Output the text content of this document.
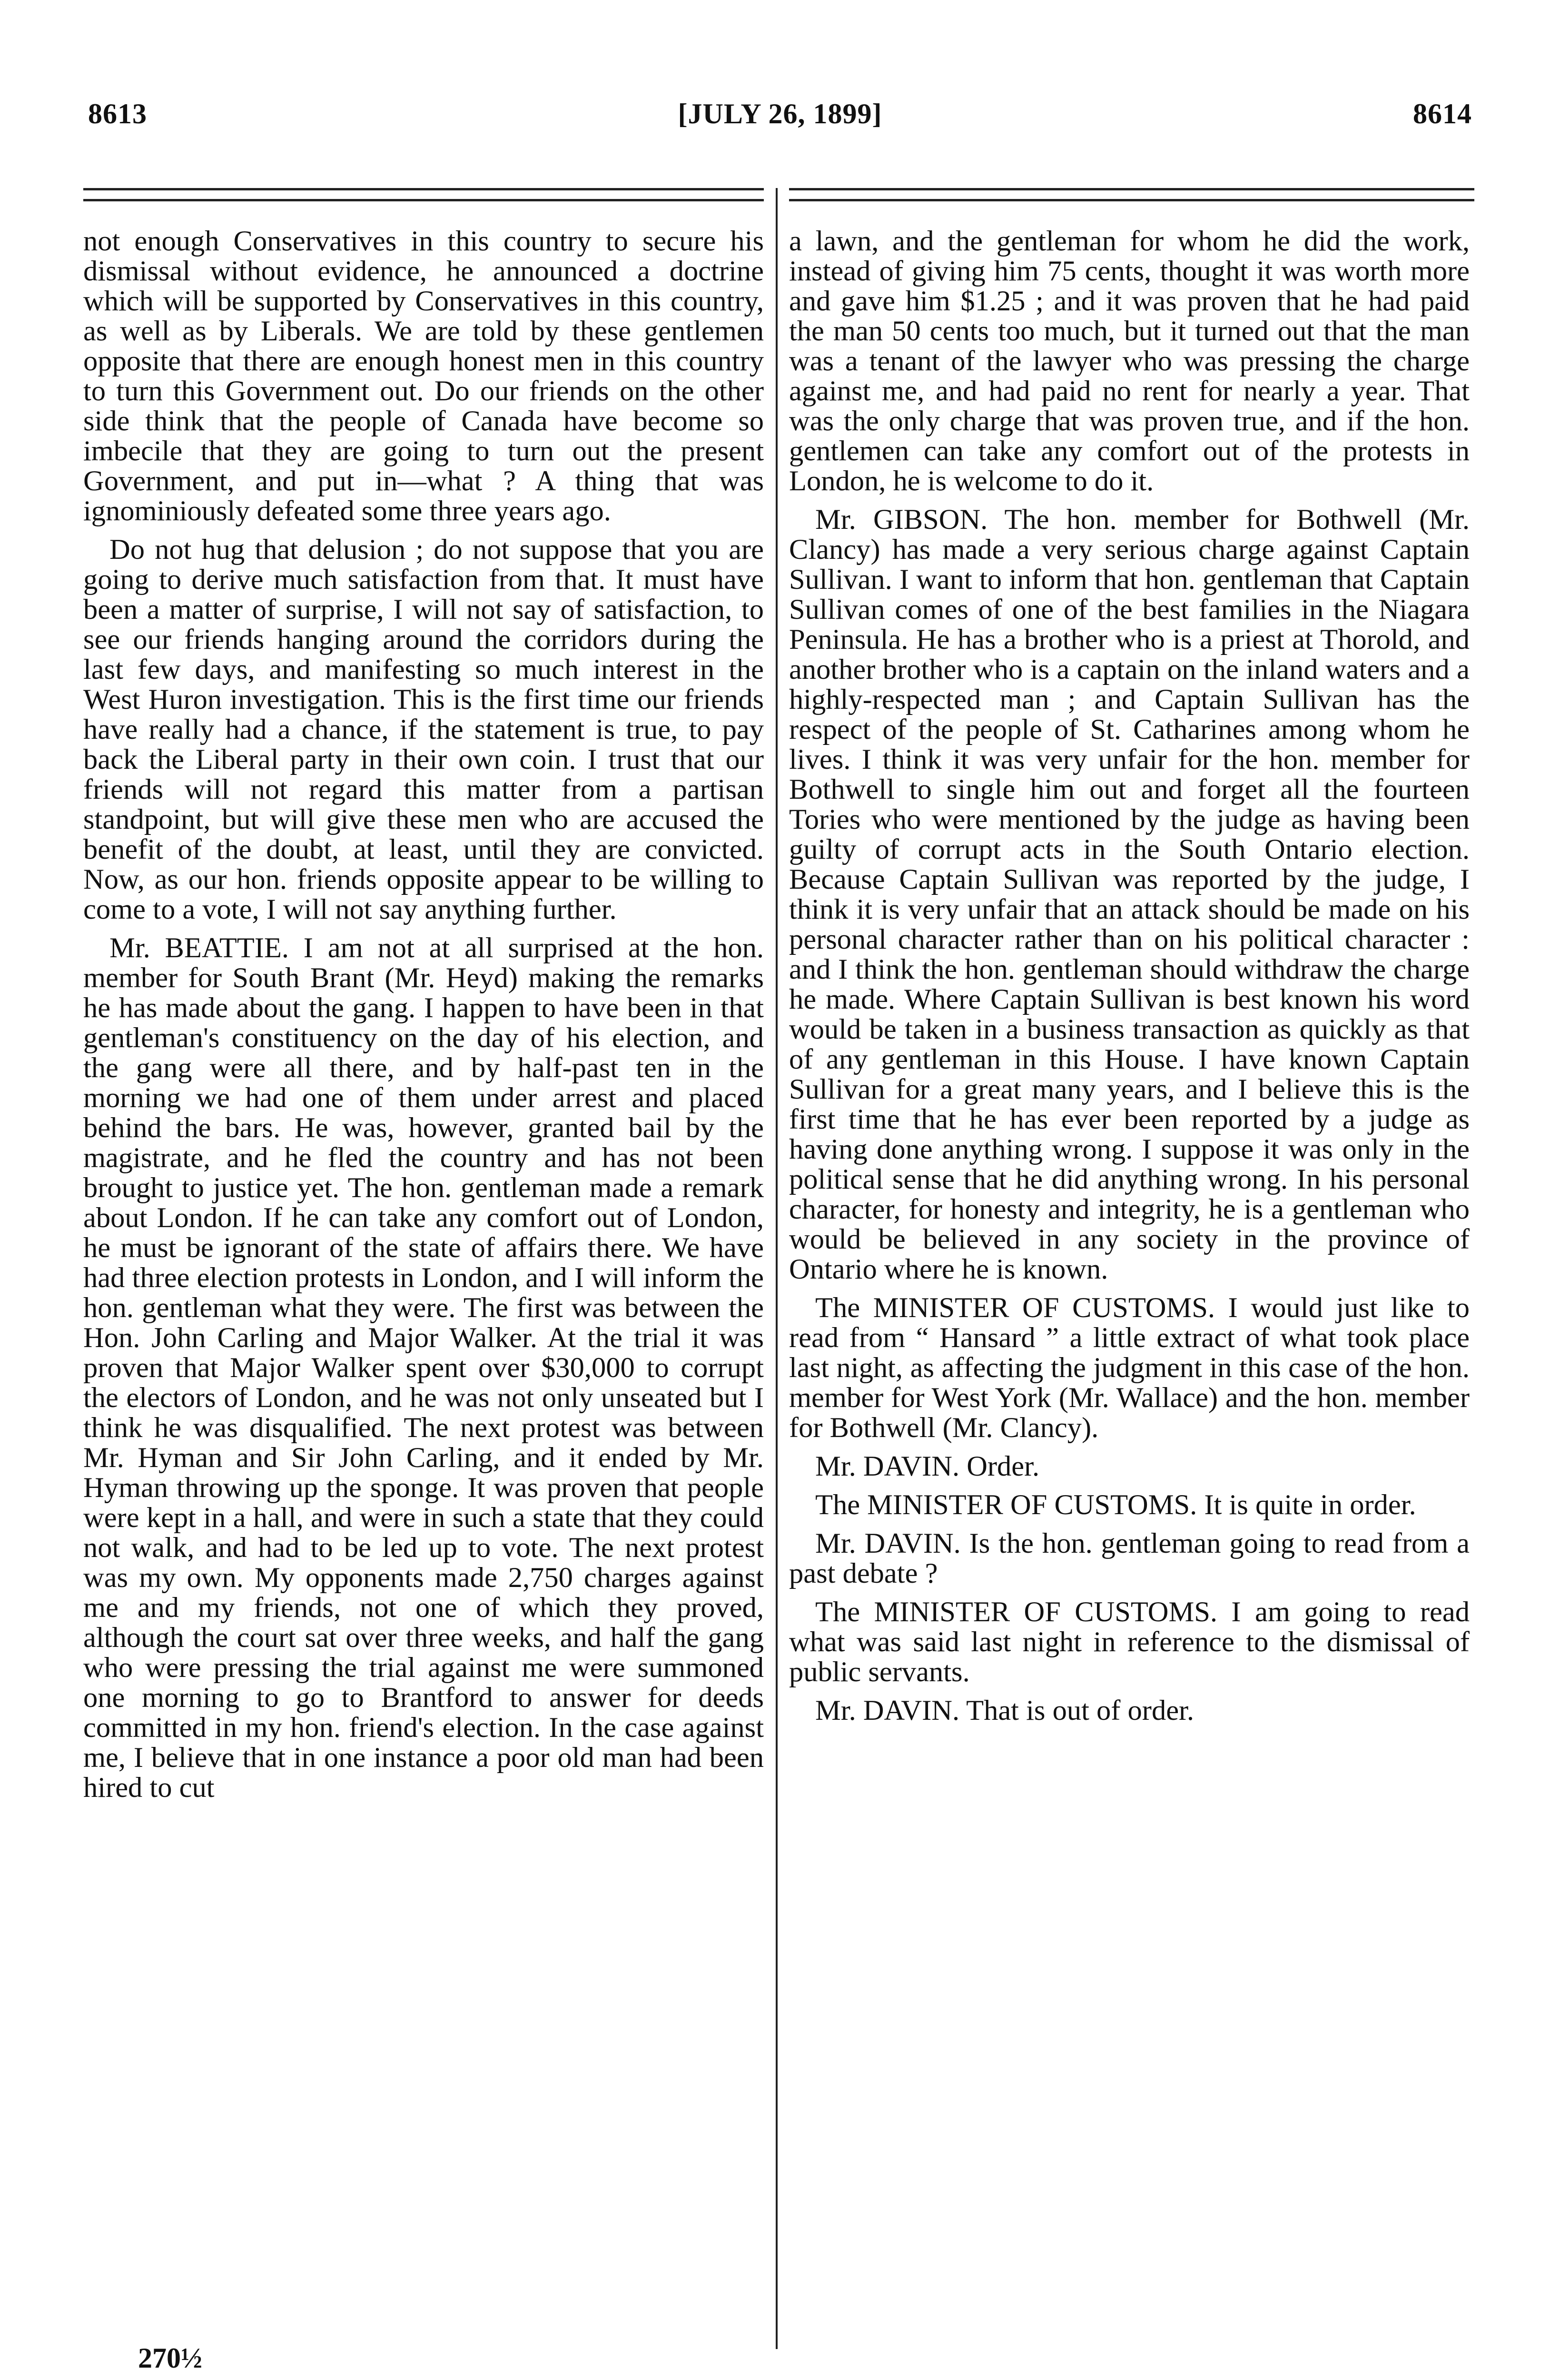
8613	[JULY 26, 1899]	8614

not enough Conservatives in this country to secure his dismissal without evidence, he announced a doctrine which will be supported by Conservatives in this country, as well as by Liberals. We are told by these gentlemen opposite that there are enough honest men in this country to turn this Government out. Do our friends on the other side think that the people of Canada have become so imbecile that they are going to turn out the present Government, and put in—what ? A thing that was ignominiously defeated some three years ago.

Do not hug that delusion ; do not suppose that you are going to derive much satisfaction from that. It must have been a matter of surprise, I will not say of satisfaction, to see our friends hanging around the corridors during the last few days, and manifesting so much interest in the West Huron investigation. This is the first time our friends have really had a chance, if the statement is true, to pay back the Liberal party in their own coin. I trust that our friends will not regard this matter from a partisan standpoint, but will give these men who are accused the benefit of the doubt, at least, until they are convicted. Now, as our hon. friends opposite appear to be willing to come to a vote, I will not say anything further.

Mr. BEATTIE. I am not at all surprised at the hon. member for South Brant (Mr. Heyd) making the remarks he has made about the gang. I happen to have been in that gentleman's constituency on the day of his election, and the gang were all there, and by half-past ten in the morning we had one of them under arrest and placed behind the bars. He was, however, granted bail by the magistrate, and he fled the country and has not been brought to justice yet. The hon. gentleman made a remark about London. If he can take any comfort out of London, he must be ignorant of the state of affairs there. We have had three election protests in London, and I will inform the hon. gentleman what they were. The first was between the Hon. John Carling and Major Walker. At the trial it was proven that Major Walker spent over $30,000 to corrupt the electors of London, and he was not only unseated but I think he was disqualified. The next protest was between Mr. Hyman and Sir John Carling, and it ended by Mr. Hyman throwing up the sponge. It was proven that people were kept in a hall, and were in such a state that they could not walk, and had to be led up to vote. The next protest was my own. My opponents made 2,750 charges against me and my friends, not one of which they proved, although the court sat over three weeks, and half the gang who were pressing the trial against me were summoned one morning to go to Brantford to answer for deeds committed in my hon. friend's election. In the case against me, I believe that in one instance a poor old man had been hired to cut

270½

a lawn, and the gentleman for whom he did the work, instead of giving him 75 cents, thought it was worth more and gave him $1.25 ; and it was proven that he had paid the man 50 cents too much, but it turned out that the man was a tenant of the lawyer who was pressing the charge against me, and had paid no rent for nearly a year. That was the only charge that was proven true, and if the hon. gentlemen can take any comfort out of the protests in London, he is welcome to do it.

Mr. GIBSON. The hon. member for Bothwell (Mr. Clancy) has made a very serious charge against Captain Sullivan. I want to inform that hon. gentleman that Captain Sullivan comes of one of the best families in the Niagara Peninsula. He has a brother who is a priest at Thorold, and another brother who is a captain on the inland waters and a highly-respected man ; and Captain Sullivan has the respect of the people of St. Catharines among whom he lives. I think it was very unfair for the hon. member for Bothwell to single him out and forget all the fourteen Tories who were mentioned by the judge as having been guilty of corrupt acts in the South Ontario election. Because Captain Sullivan was reported by the judge, I think it is very unfair that an attack should be made on his personal character rather than on his political character : and I think the hon. gentleman should withdraw the charge he made. Where Captain Sullivan is best known his word would be taken in a business transaction as quickly as that of any gentleman in this House. I have known Captain Sullivan for a great many years, and I believe this is the first time that he has ever been reported by a judge as having done anything wrong. I suppose it was only in the political sense that he did anything wrong. In his personal character, for honesty and integrity, he is a gentleman who would be believed in any society in the province of Ontario where he is known.

The MINISTER OF CUSTOMS. I would just like to read from “ Hansard ” a little extract of what took place last night, as affecting the judgment in this case of the hon. member for West York (Mr. Wallace) and the hon. member for Bothwell (Mr. Clancy).

Mr. DAVIN. Order.

The MINISTER OF CUSTOMS. It is quite in order.

Mr. DAVIN. Is the hon. gentleman going to read from a past debate ?

The MINISTER OF CUSTOMS. I am going to read what was said last night in reference to the dismissal of public servants.

Mr. DAVIN. That is out of order.
